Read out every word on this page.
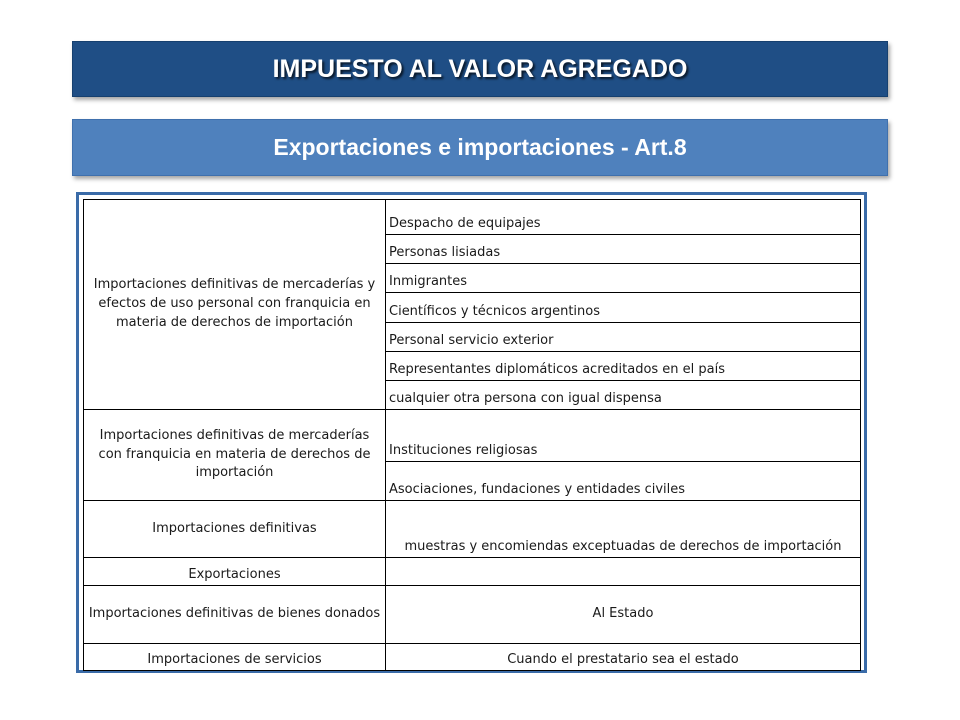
IMPUESTO AL VALOR AGREGADO
Exportaciones e importaciones - Art.8
Importaciones definitivas de mercaderías y efectos de uso personal con franquicia en materia de derechos de importación	Despacho de equipajes
	Personas lisiadas
	Inmigrantes
	Científicos y técnicos argentinos
	Personal servicio exterior
	Representantes diplomáticos acreditados en el país
	cualquier otra persona con igual dispensa
Importaciones definitivas de mercaderías con franquicia en materia de derechos de importación	Instituciones religiosas
	Asociaciones, fundaciones y entidades civiles
Importaciones definitivas	muestras y encomiendas exceptuadas de derechos de importación
Exportaciones	
Importaciones definitivas de bienes donados	Al Estado
Importaciones de servicios	Cuando el prestatario sea el estado
